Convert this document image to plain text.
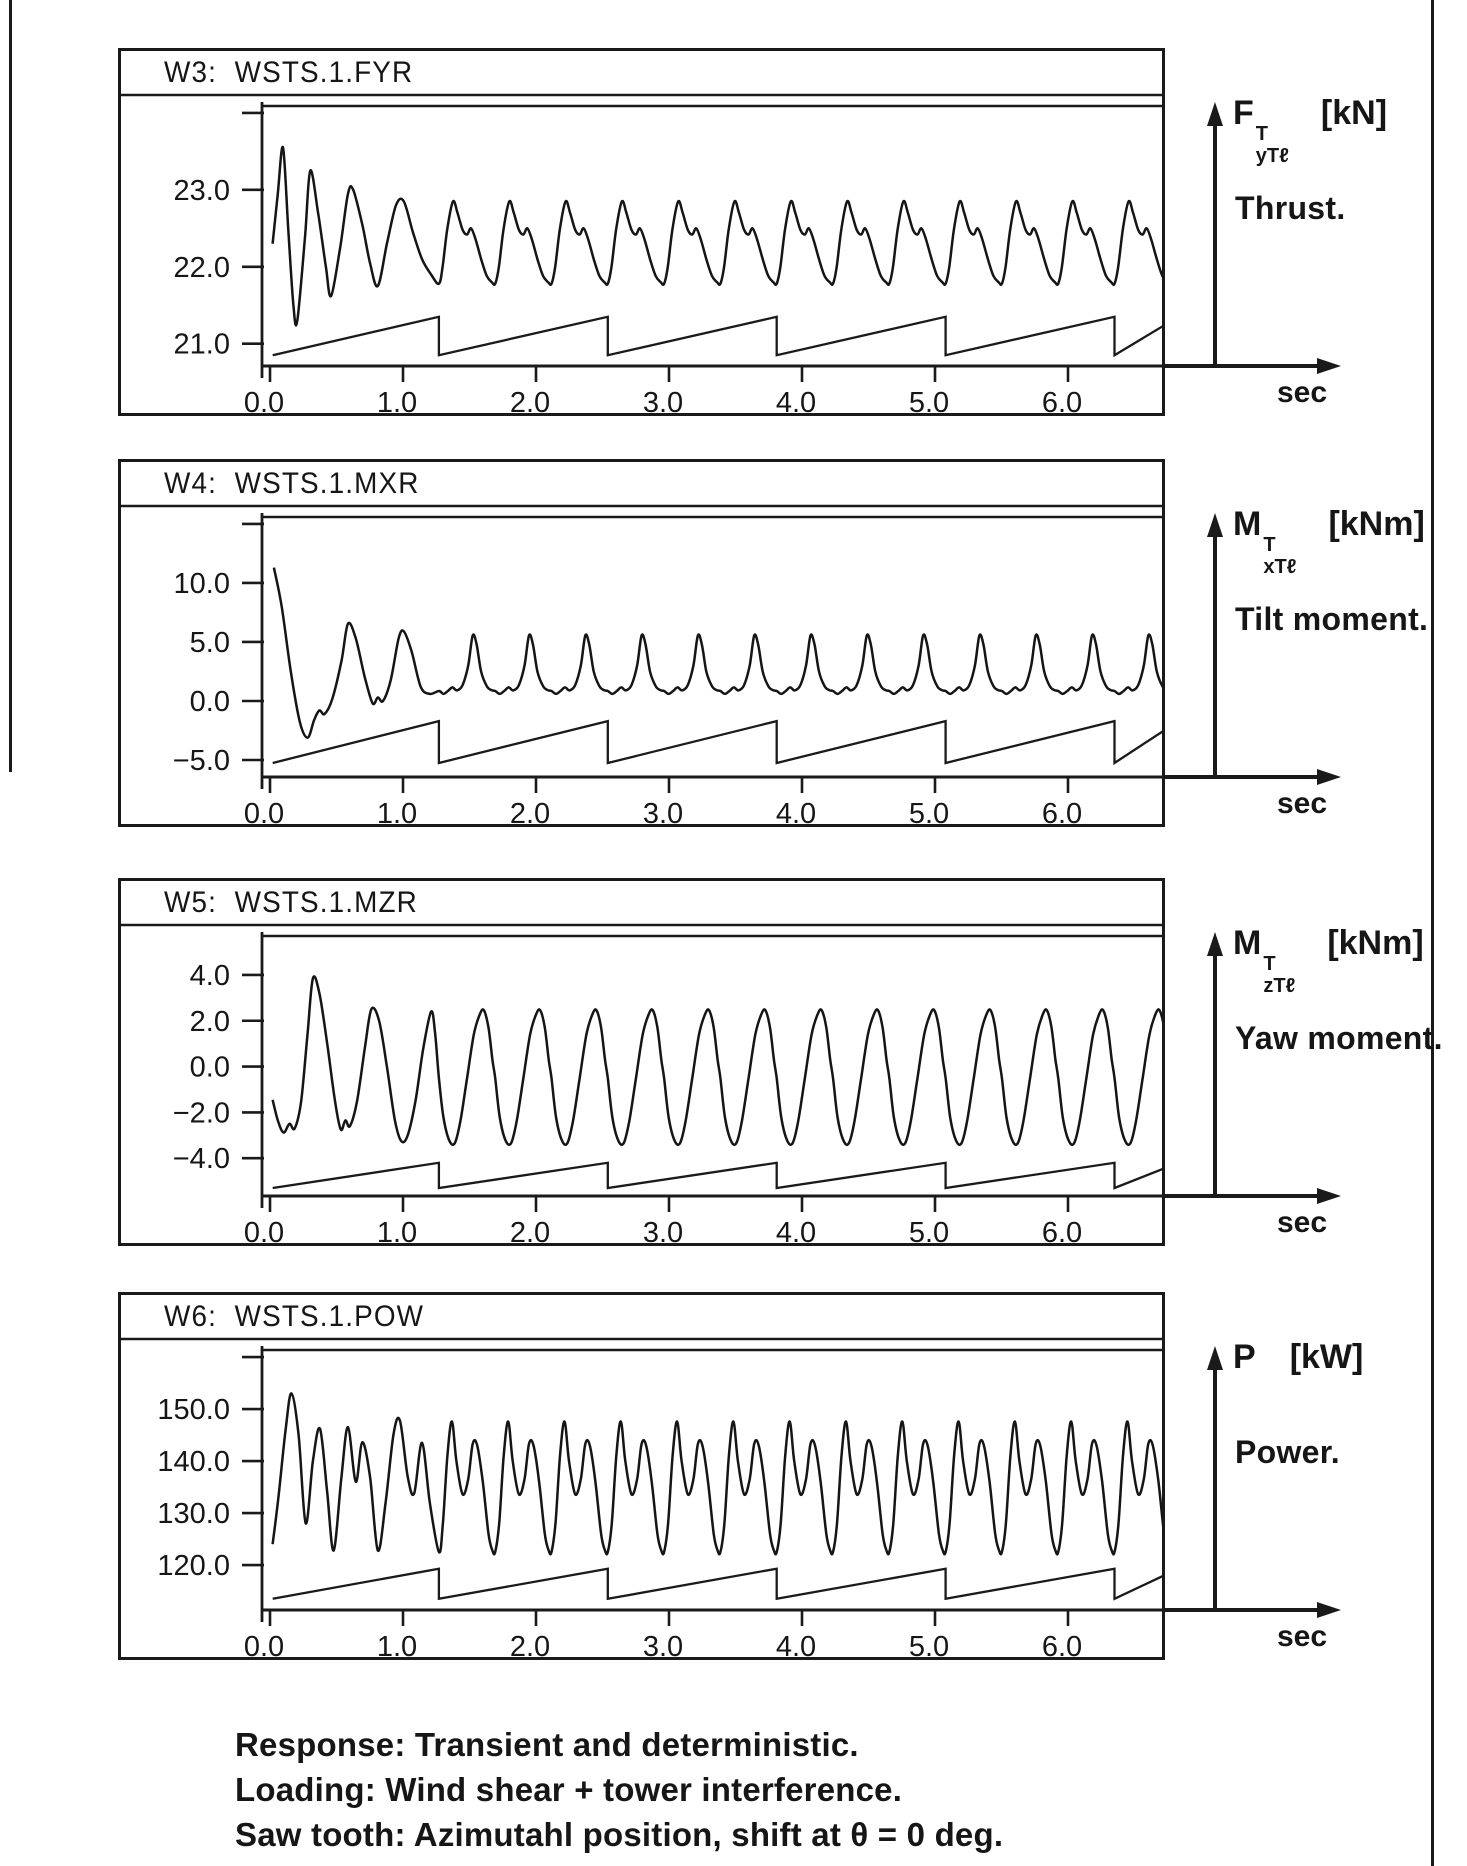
23.0
22.0
21.0
0.0	1.0	2.0	3.0	4.0	5.0	6.0
W3:  WSTS.1.FYR
10.0
5.0
0.0
−5.0
0.0	1.0	2.0	3.0	4.0	5.0	6.0
W4:  WSTS.1.MXR
4.0
2.0
0.0
−2.0
−4.0
0.0	1.0	2.0	3.0	4.0	5.0	6.0
W5:  WSTS.1.MZR
150.0
140.0
130.0
120.0
0.0	1.0	2.0	3.0	4.0	5.0	6.0
W6:  WSTS.1.POW
F
T
yTℓ
[kN]
Thrust.
sec
M
T
xTℓ
[kNm]
Tilt moment.
sec
M
T
zTℓ
[kNm]
Yaw moment.
sec
P [kW]
Power.
sec
Response: Transient and deterministic.
Loading: Wind shear + tower interference.
Saw tooth: Azimutahl position, shift at θ = 0 deg.
